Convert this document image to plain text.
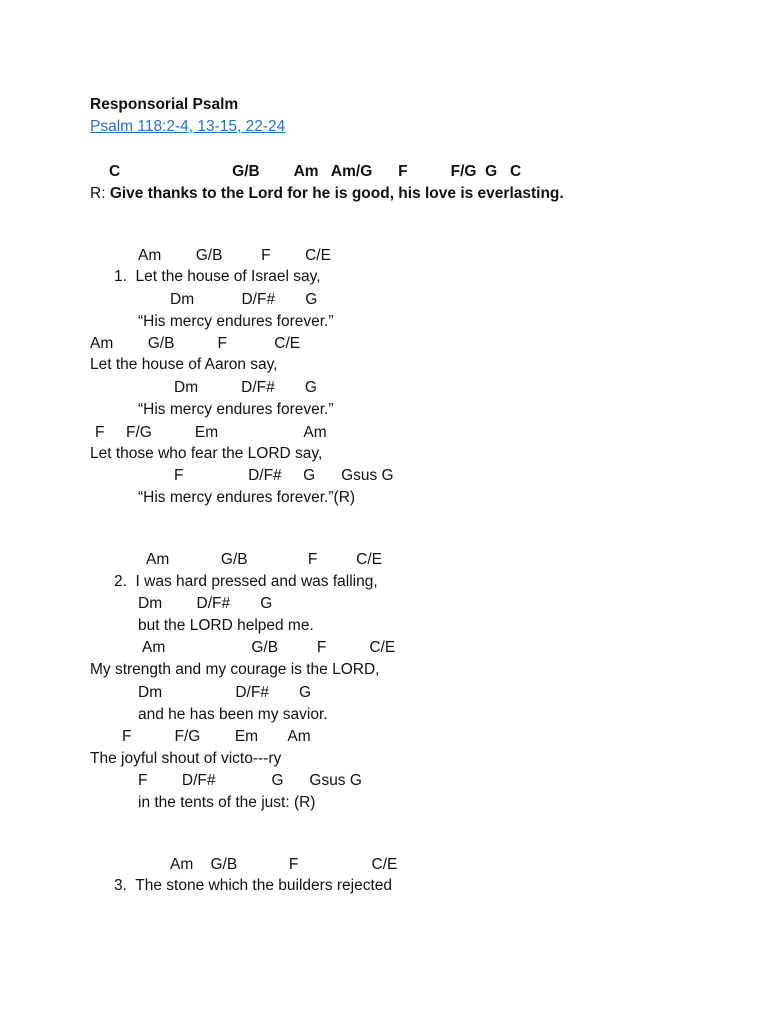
Responsorial Psalm
Psalm 118:2-4, 13-15, 22-24
C                          G/B        Am   Am/G      F          F/G  G   C
R: Give thanks to the Lord for he is good, his love is everlasting.
Am        G/B         F        C/E
1.  Let the house of Israel say,
Dm           D/F#       G
“His mercy endures forever.”
Am        G/B          F           C/E
Let the house of Aaron say,
Dm          D/F#       G
“His mercy endures forever.”
F     F/G          Em                    Am
Let those who fear the LORD say,
F               D/F#     G      Gsus G
“His mercy endures forever.”(R)
Am            G/B              F         C/E
2.  I was hard pressed and was falling,
Dm        D/F#       G
but the LORD helped me.
Am                    G/B         F          C/E
My strength and my courage is the LORD,
Dm                 D/F#       G
and he has been my savior.
F          F/G        Em       Am
The joyful shout of victo---ry
F        D/F#             G      Gsus G
in the tents of the just: (R)
Am    G/B            F                 C/E
3.  The stone which the builders rejected
